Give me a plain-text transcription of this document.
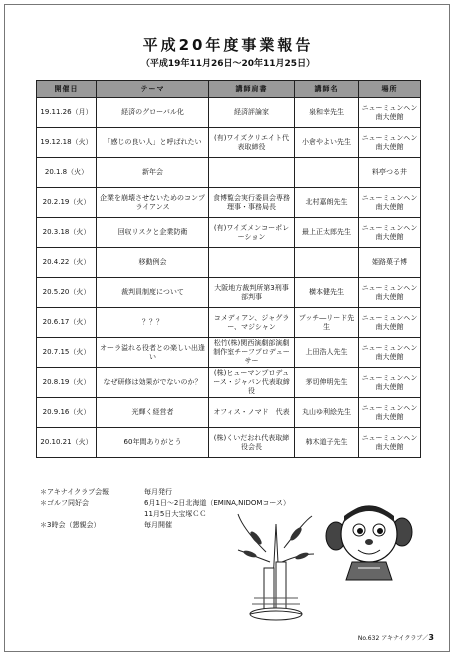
平成20年度事業報告
（平成19年11月26日〜20年11月25日）
開催日	テーマ	講師肩書	講師名	場所
19.11.26（月）	経済のグローバル化	経済評論家	泉和幸先生	ニューミュンヘン南大使館
19.12.18（火）	「感じの良い人」と呼ばれたい	(有)ワイズクリエイト代表取締役	小倉やよい先生	ニューミュンヘン南大使館
20.1.8（火）	新年会			料亭つる井
20.2.19（火）	企業を崩壊させないためのコンプライアンス	食博覧会実行委員会専務理事・事務局長	北村嘉朗先生	ニューミュンヘン南大使館
20.3.18（火）	回収リスクと企業防衛	(有)ワイズメンコーポレーション	最上正太郎先生	ニューミュンヘン南大使館
20.4.22（火）	移動例会			姫路菓子博
20.5.20（火）	裁判員制度について	大阪地方裁判所第3刑事部判事	横本健先生	ニューミュンヘン南大使館
20.6.17（火）	？？？	コメディアン、ジャグラー、マジシャン	ブッチ―リード先生	ニューミュンヘン南大使館
20.7.15（火）	オーラ溢れる役者との楽しい出逢い	松竹(株)関西演劇部演劇制作室チーフプロデューサー	上田浩人先生	ニューミュンヘン南大使館
20.8.19（火）	なぜ研修は効果がでないのか？	(株)ヒューマンプロデュース・ジャパン代表取締役	茅切伸明先生	ニューミュンヘン南大使館
20.9.16（火）	光輝く経営者	オフィス・ノマド　代表	丸山ゆ利絵先生	ニューミュンヘン南大使館
20.10.21（火）	60年間ありがとう	(株)くいだおれ代表取締役会長	柿木道子先生	ニューミュンヘン南大使館
＊アキナイクラブ会報	毎月発行
＊ゴルフ同好会	6月1日〜2日北海道（EMINA,NIDOMコース）
11月5日大宝塚ＣＣ
＊3時会（懇親会）	毎月開催
No.632 アキナイクラブ／3
